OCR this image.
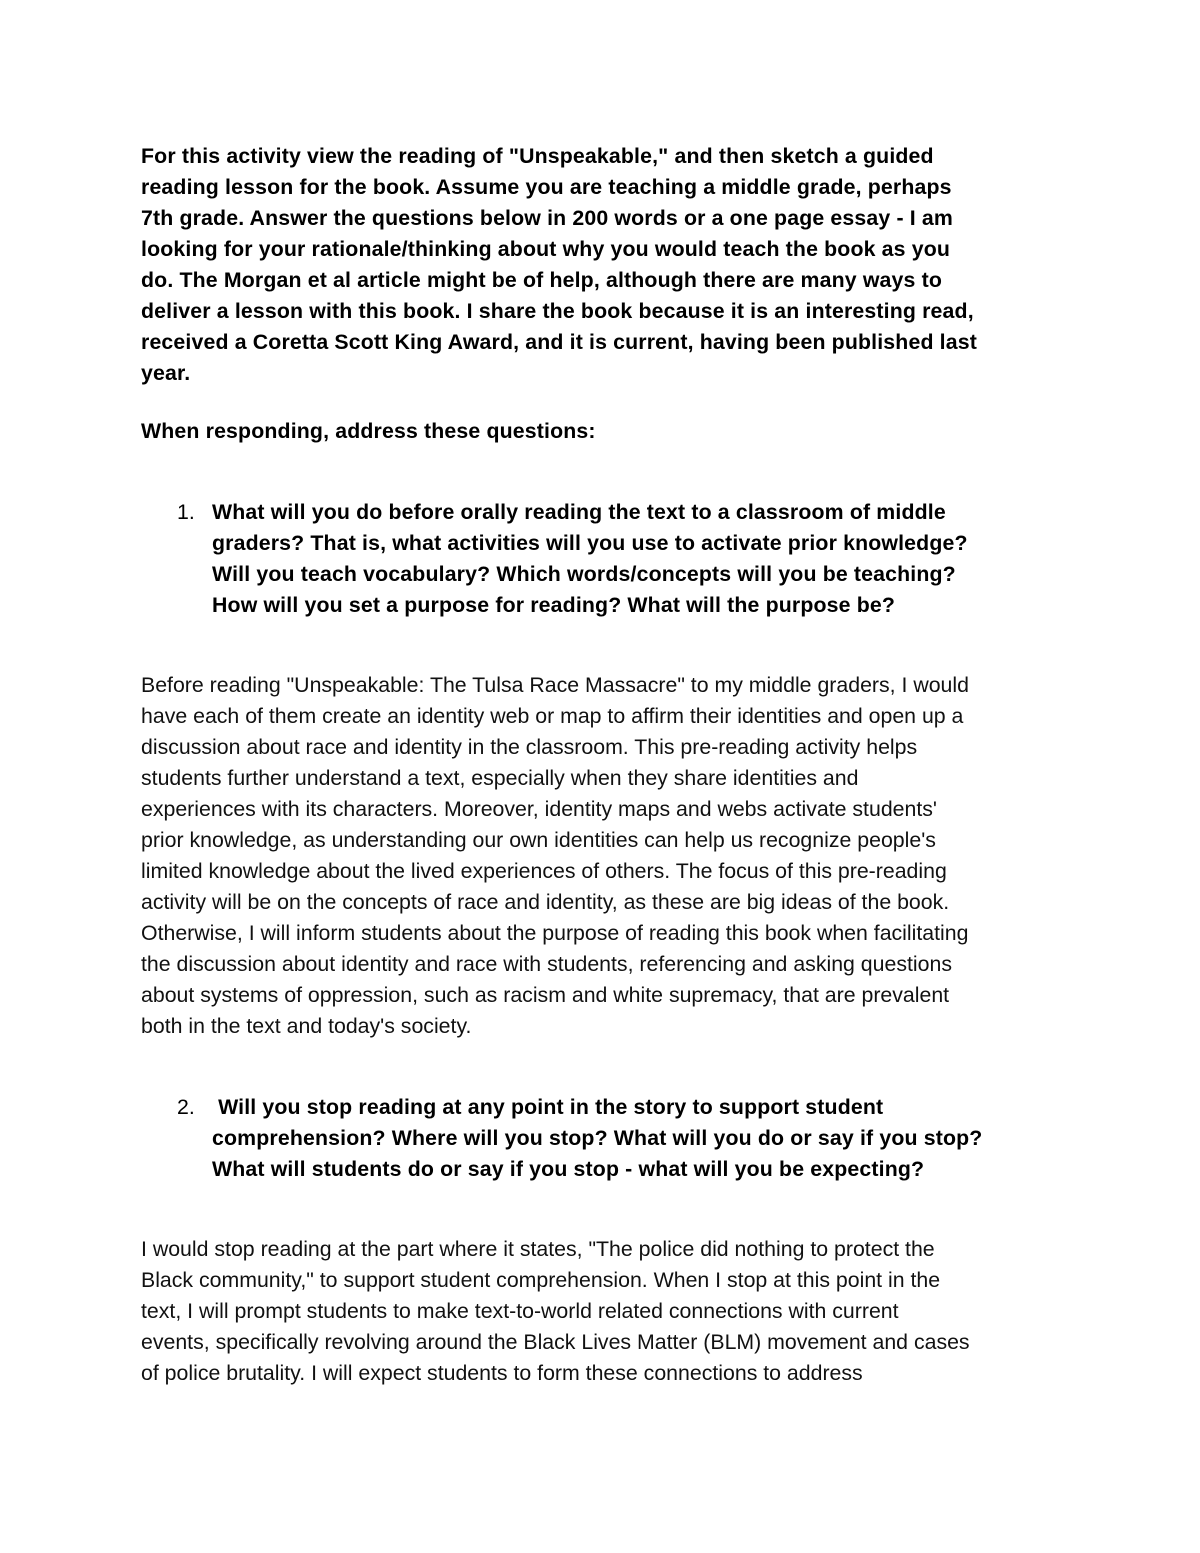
For this activity view the reading of "Unspeakable," and then sketch a guided
reading lesson for the book. Assume you are teaching a middle grade, perhaps
7th grade. Answer the questions below in 200 words or a one page essay - I am
looking for your rationale/thinking about why you would teach the book as you
do. The Morgan et al article might be of help, although there are many ways to
deliver a lesson with this book. I share the book because it is an interesting read,
received a Coretta Scott King Award, and it is current, having been published last
year.
When responding, address these questions:
1. What will you do before orally reading the text to a classroom of middle
graders? That is, what activities will you use to activate prior knowledge?
Will you teach vocabulary? Which words/concepts will you be teaching?
How will you set a purpose for reading? What will the purpose be?
Before reading "Unspeakable: The Tulsa Race Massacre" to my middle graders, I would
have each of them create an identity web or map to affirm their identities and open up a
discussion about race and identity in the classroom. This pre-reading activity helps
students further understand a text, especially when they share identities and
experiences with its characters. Moreover, identity maps and webs activate students'
prior knowledge, as understanding our own identities can help us recognize people's
limited knowledge about the lived experiences of others. The focus of this pre-reading
activity will be on the concepts of race and identity, as these are big ideas of the book.
Otherwise, I will inform students about the purpose of reading this book when facilitating
the discussion about identity and race with students, referencing and asking questions
about systems of oppression, such as racism and white supremacy, that are prevalent
both in the text and today's society.
2. Will you stop reading at any point in the story to support student
comprehension? Where will you stop? What will you do or say if you stop?
What will students do or say if you stop - what will you be expecting?
I would stop reading at the part where it states, "The police did nothing to protect the
Black community," to support student comprehension. When I stop at this point in the
text, I will prompt students to make text-to-world related connections with current
events, specifically revolving around the Black Lives Matter (BLM) movement and cases
of police brutality. I will expect students to form these connections to address
